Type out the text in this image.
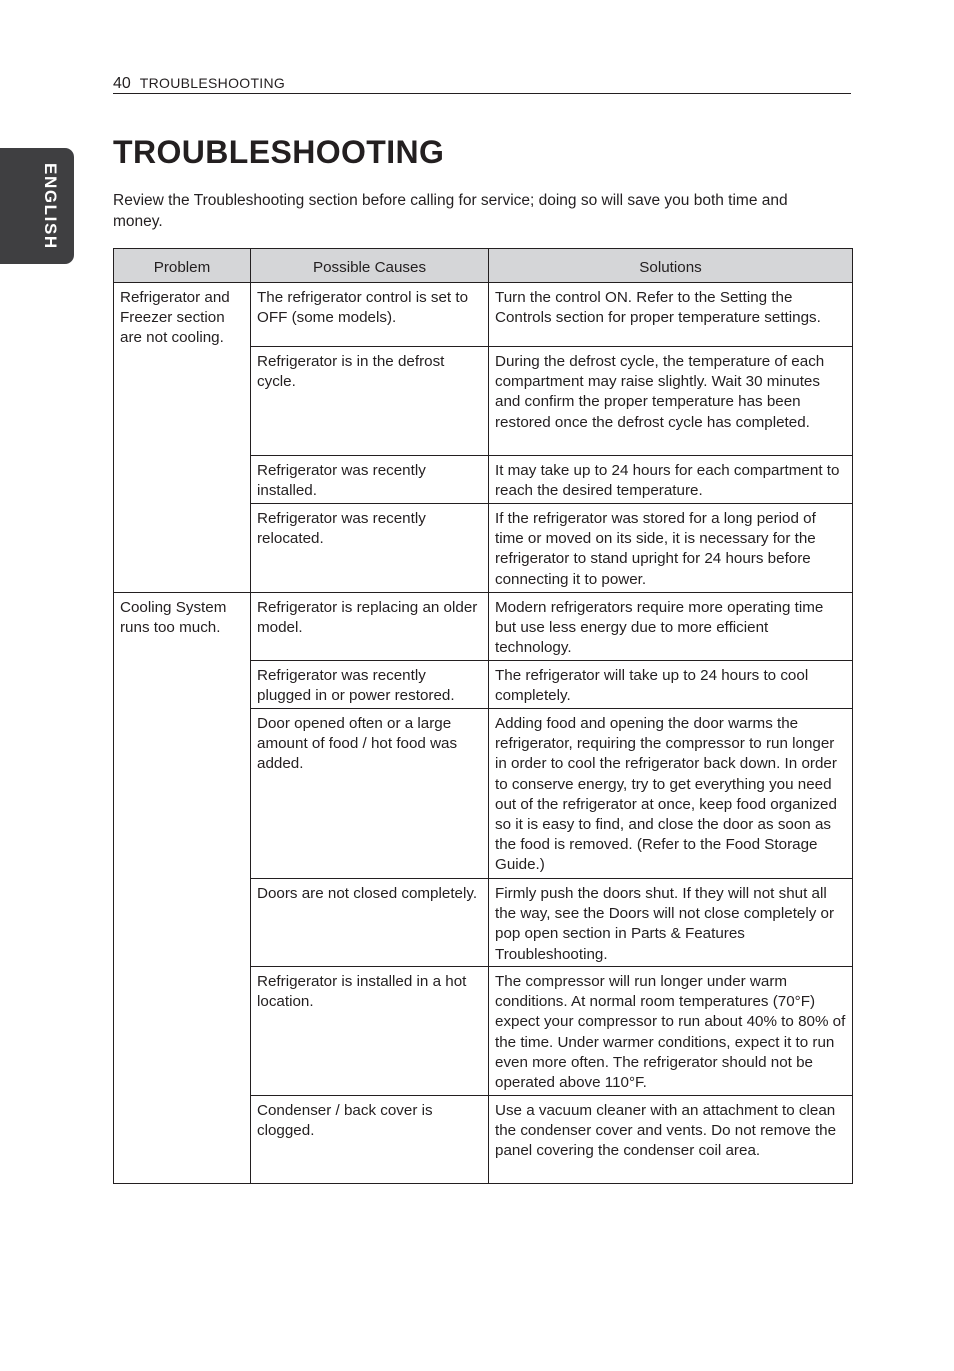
40 TROUBLESHOOTING
ENGLISH
TROUBLESHOOTING

Review the Troubleshooting section before calling for service; doing so will save you both time and money.

Problem	Possible Causes	Solutions
Refrigerator and Freezer section are not cooling.	The refrigerator control is set to OFF (some models).	Turn the control ON. Refer to the Setting the Controls section for proper temperature settings.
	Refrigerator is in the defrost cycle.	During the defrost cycle, the temperature of each compartment may raise slightly. Wait 30 minutes and confirm the proper temperature has been restored once the defrost cycle has completed.
	Refrigerator was recently installed.	It may take up to 24 hours for each compartment to reach the desired temperature.
	Refrigerator was recently relocated.	If the refrigerator was stored for a long period of time or moved on its side, it is necessary for the refrigerator to stand upright for 24 hours before connecting it to power.
Cooling System runs too much.	Refrigerator is replacing an older model.	Modern refrigerators require more operating time but use less energy due to more efficient technology.
	Refrigerator was recently plugged in or power restored.	The refrigerator will take up to 24 hours to cool completely.
	Door opened often or a large amount of food / hot food was added.	Adding food and opening the door warms the refrigerator, requiring the compressor to run longer in order to cool the refrigerator back down. In order to conserve energy, try to get everything you need out of the refrigerator at once, keep food organized so it is easy to find, and close the door as soon as the food is removed. (Refer to the Food Storage Guide.)
	Doors are not closed completely.	Firmly push the doors shut. If they will not shut all the way, see the Doors will not close completely or pop open section in Parts & Features Troubleshooting.
	Refrigerator is installed in a hot location.	The compressor will run longer under warm conditions. At normal room temperatures (70°F) expect your compressor to run about 40% to 80% of the time. Under warmer conditions, expect it to run even more often. The refrigerator should not be operated above 110°F.
	Condenser / back cover is clogged.	Use a vacuum cleaner with an attachment to clean the condenser cover and vents. Do not remove the panel covering the condenser coil area.
